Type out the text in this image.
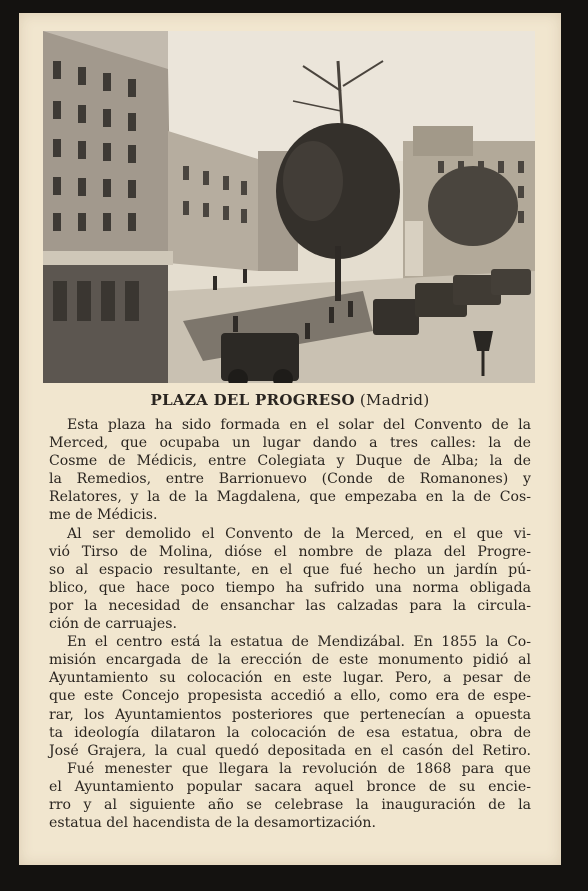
PLAZA DEL PROGRESO (Madrid)
Esta plaza ha sido formada en el solar del Convento de la
Merced, que ocupaba un lugar dando a tres calles: la de
Cosme de Médicis, entre Colegiata y Duque de Alba; la de
la Remedios, entre Barrionuevo (Conde de Romanones) y
Relatores, y la de la Magdalena, que empezaba en la de Cos-
me de Médicis.
Al ser demolido el Convento de la Merced, en el que vi-
vió Tirso de Molina, dióse el nombre de plaza del Progre-
so al espacio resultante, en el que fué hecho un jardín pú-
blico, que hace poco tiempo ha sufrido una norma obligada
por la necesidad de ensanchar las calzadas para la circula-
ción de carruajes.
En el centro está la estatua de Mendizábal. En 1855 la Co-
misión encargada de la erección de este monumento pidió al
Ayuntamiento su colocación en este lugar. Pero, a pesar de
que este Concejo propesista accedió a ello, como era de espe-
rar, los Ayuntamientos posteriores que pertenecían a opuesta
ta ideología dilataron la colocación de esa estatua, obra de
José Grajera, la cual quedó depositada en el casón del Retiro.
Fué menester que llegara la revolución de 1868 para que
el Ayuntamiento popular sacara aquel bronce de su encie-
rro y al siguiente año se celebrase la inauguración de la
estatua del hacendista de la desamortización.
